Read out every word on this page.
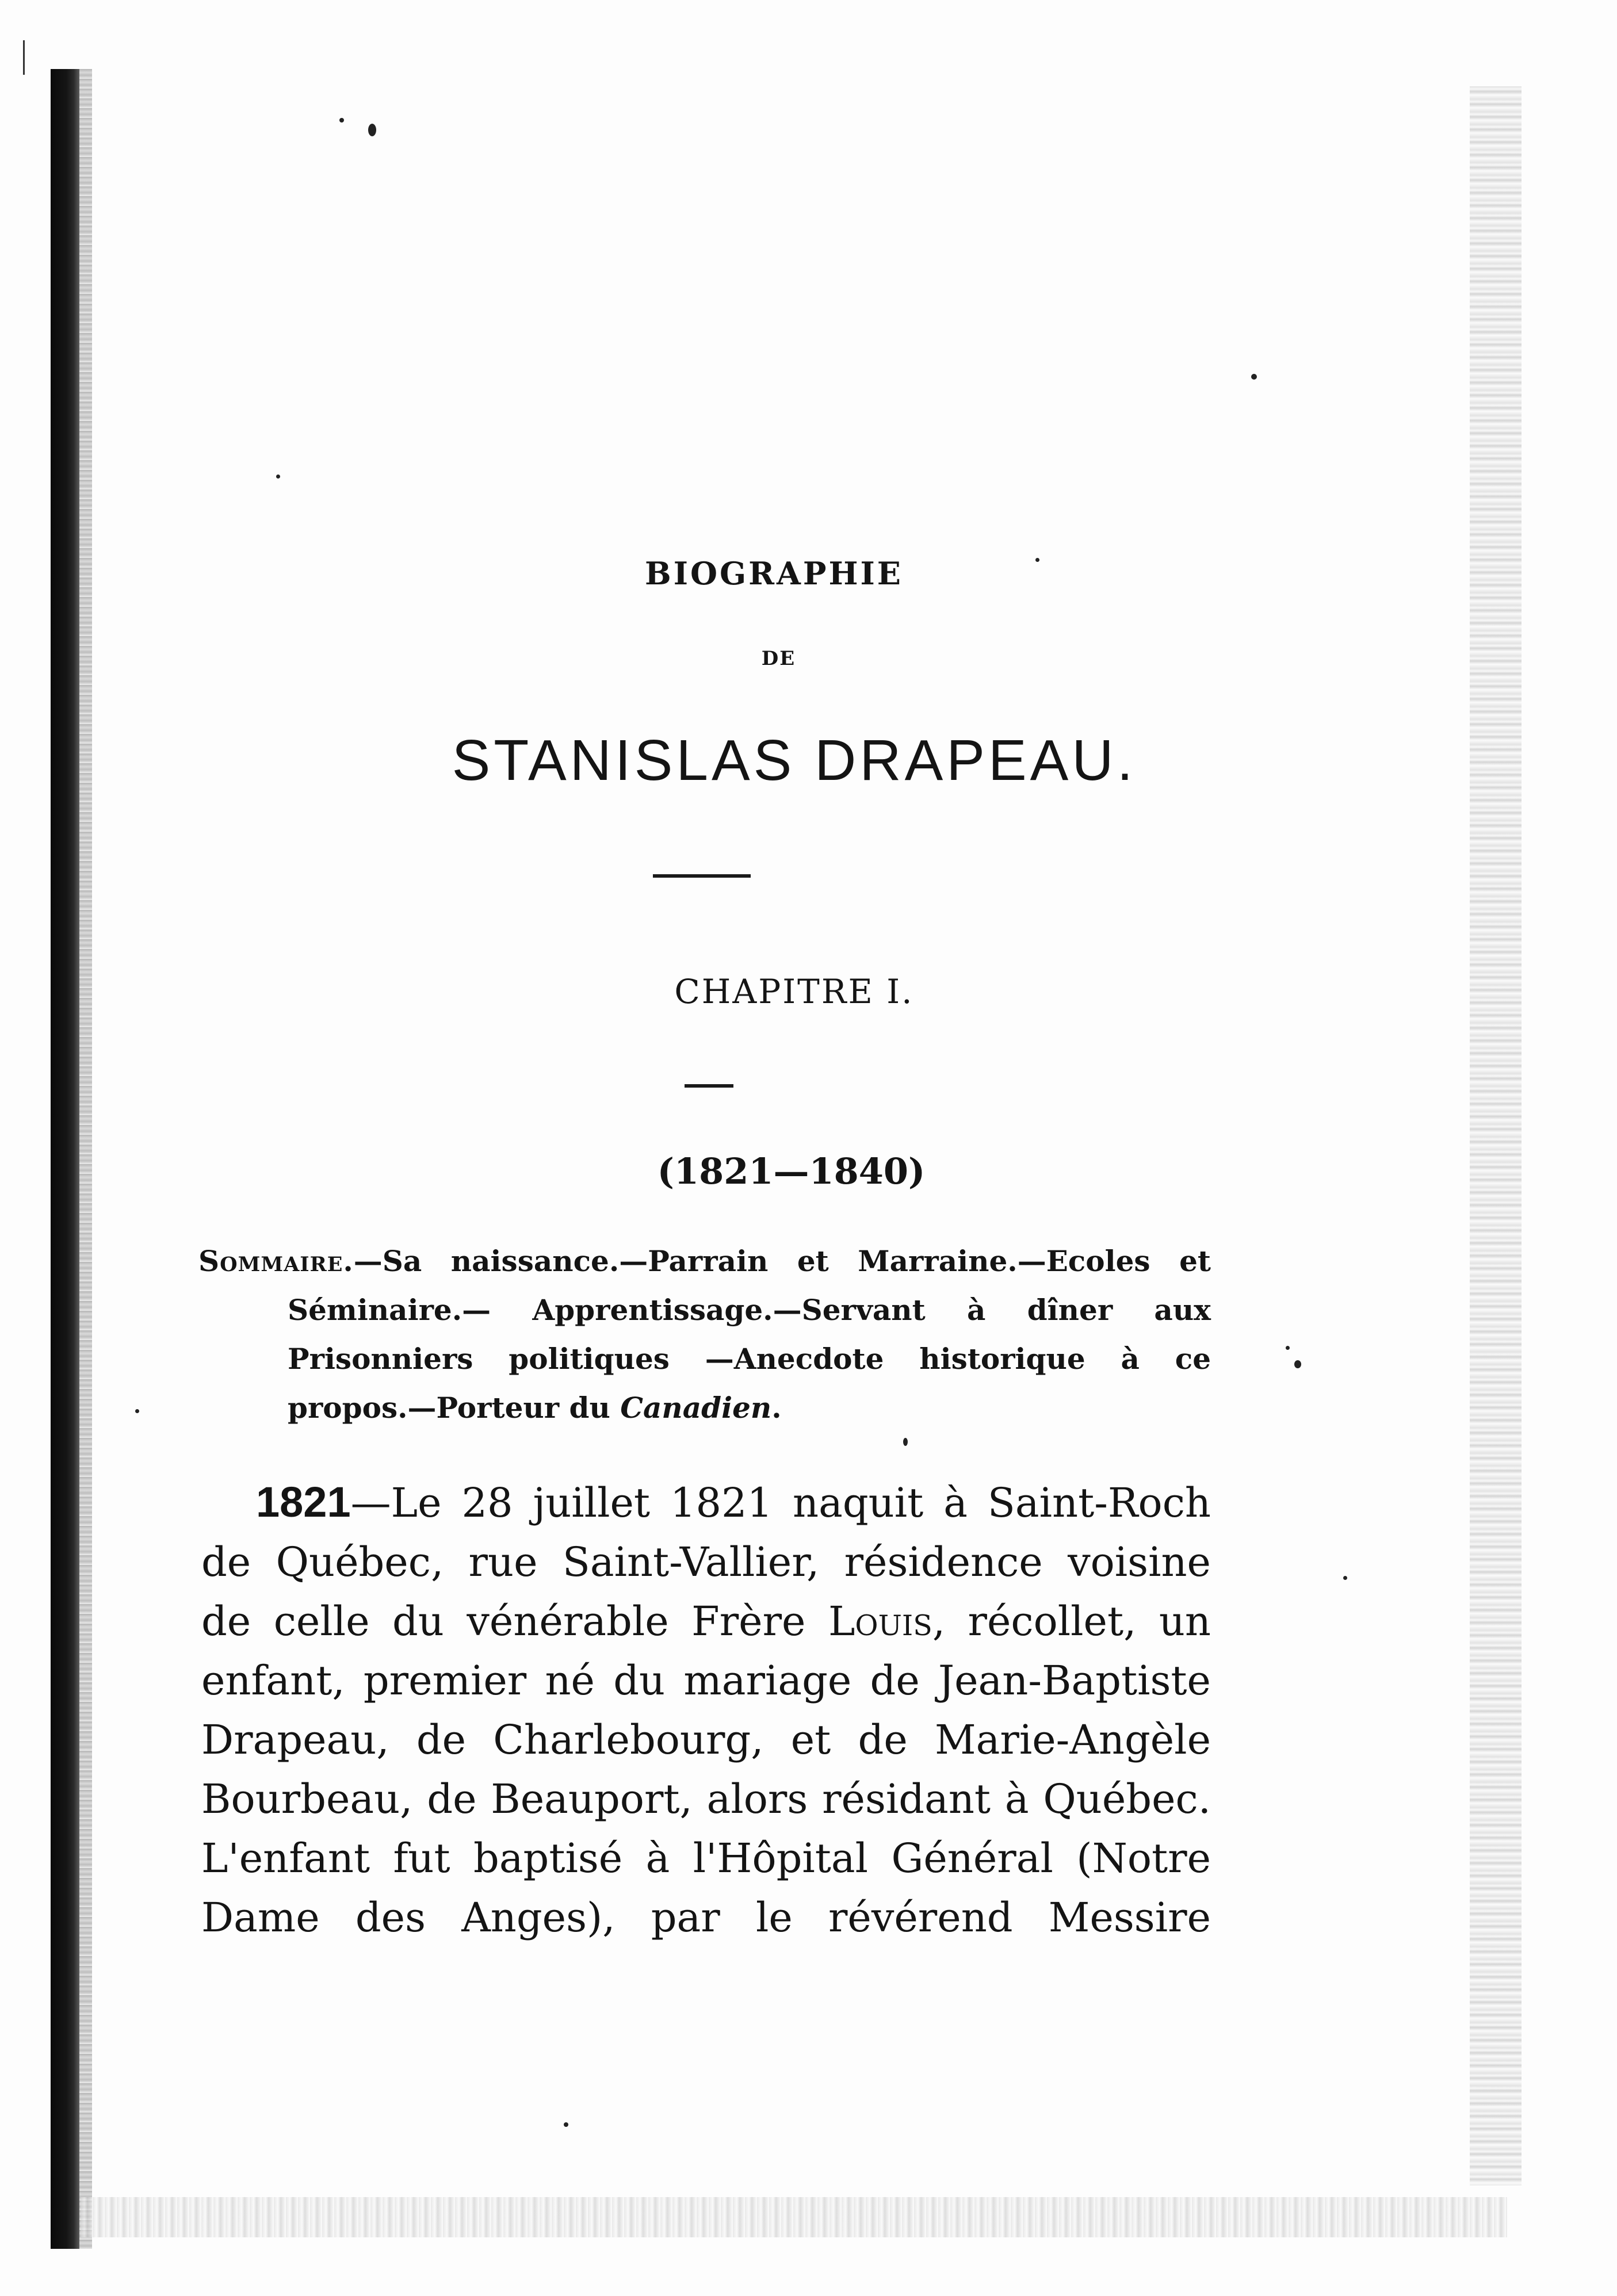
BIOGRAPHIE
DE
STANISLAS DRAPEAU.
CHAPITRE I.
(1821—1840)
Sommaire.—Sa naissance.—Parrain et Marraine.—Ecoles et Séminaire.— Apprentissage.—Servant à dîner aux Prisonniers politiques —Anecdote historique à ce propos.—Porteur du Canadien.
1821—Le 28 juillet 1821 naquit à Saint-Roch
de Québec, rue Saint-Vallier, résidence voisine
de celle du vénérable Frère Louis, récollet, un
enfant, premier né du mariage de Jean-Baptiste
Drapeau, de Charlebourg, et de Marie-Angèle
Bourbeau, de Beauport, alors résidant à Québec.
L'enfant fut baptisé à l'Hôpital Général (Notre
Dame des Anges), par le révérend Messire
